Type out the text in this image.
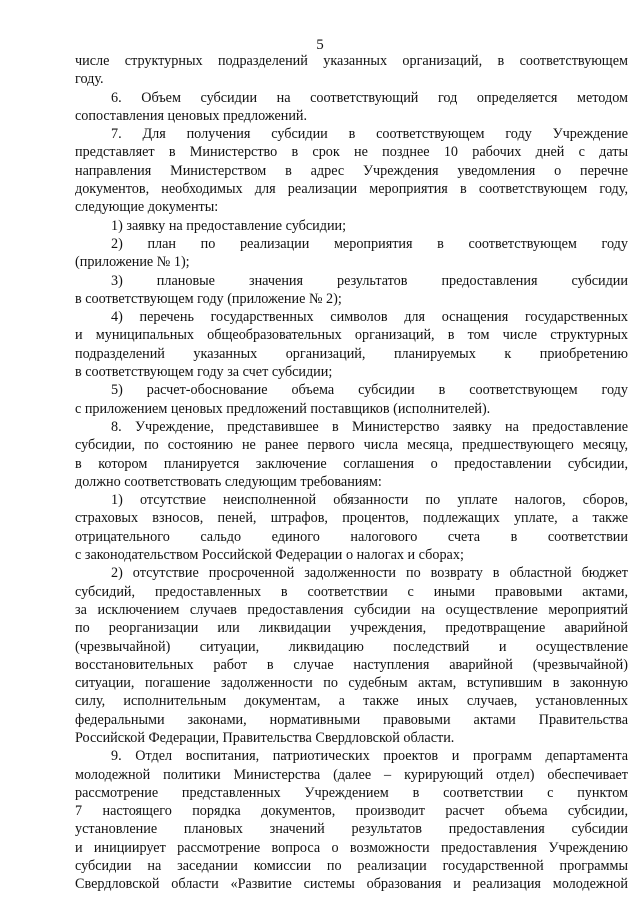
5
числе структурных подразделений указанных организаций, в соответствующем
году.
6. Объем субсидии на соответствующий год определяется методом
сопоставления ценовых предложений.
7. Для получения субсидии в соответствующем году Учреждение
представляет в Министерство в срок не позднее 10 рабочих дней с даты
направления Министерством в адрес Учреждения уведомления о перечне
документов, необходимых для реализации мероприятия в соответствующем году,
следующие документы:
1) заявку на предоставление субсидии;
2) план по реализации мероприятия в соответствующем году
(приложение № 1);
3) плановые значения результатов предоставления субсидии
в соответствующем году (приложение № 2);
4) перечень государственных символов для оснащения государственных
и муниципальных общеобразовательных организаций, в том числе структурных
подразделений указанных организаций, планируемых к приобретению
в соответствующем году за счет субсидии;
5) расчет-обоснование объема субсидии в соответствующем году
с приложением ценовых предложений поставщиков (исполнителей).
8. Учреждение, представившее в Министерство заявку на предоставление
субсидии, по состоянию не ранее первого числа месяца, предшествующего месяцу,
в котором планируется заключение соглашения о предоставлении субсидии,
должно соответствовать следующим требованиям:
1) отсутствие неисполненной обязанности по уплате налогов, сборов,
страховых взносов, пеней, штрафов, процентов, подлежащих уплате, а также
отрицательного сальдо единого налогового счета в соответствии
с законодательством Российской Федерации о налогах и сборах;
2) отсутствие просроченной задолженности по возврату в областной бюджет
субсидий, предоставленных в соответствии с иными правовыми актами,
за исключением случаев предоставления субсидии на осуществление мероприятий
по реорганизации или ликвидации учреждения, предотвращение аварийной
(чрезвычайной) ситуации, ликвидацию последствий и осуществление
восстановительных работ в случае наступления аварийной (чрезвычайной)
ситуации, погашение задолженности по судебным актам, вступившим в законную
силу, исполнительным документам, а также иных случаев, установленных
федеральными законами, нормативными правовыми актами Правительства
Российской Федерации, Правительства Свердловской области.
9. Отдел воспитания, патриотических проектов и программ департамента
молодежной политики Министерства (далее – курирующий отдел) обеспечивает
рассмотрение представленных Учреждением в соответствии с пунктом
7 настоящего порядка документов, производит расчет объема субсидии,
установление плановых значений результатов предоставления субсидии
и инициирует рассмотрение вопроса о возможности предоставления Учреждению
субсидии на заседании комиссии по реализации государственной программы
Свердловской области «Развитие системы образования и реализация молодежной
